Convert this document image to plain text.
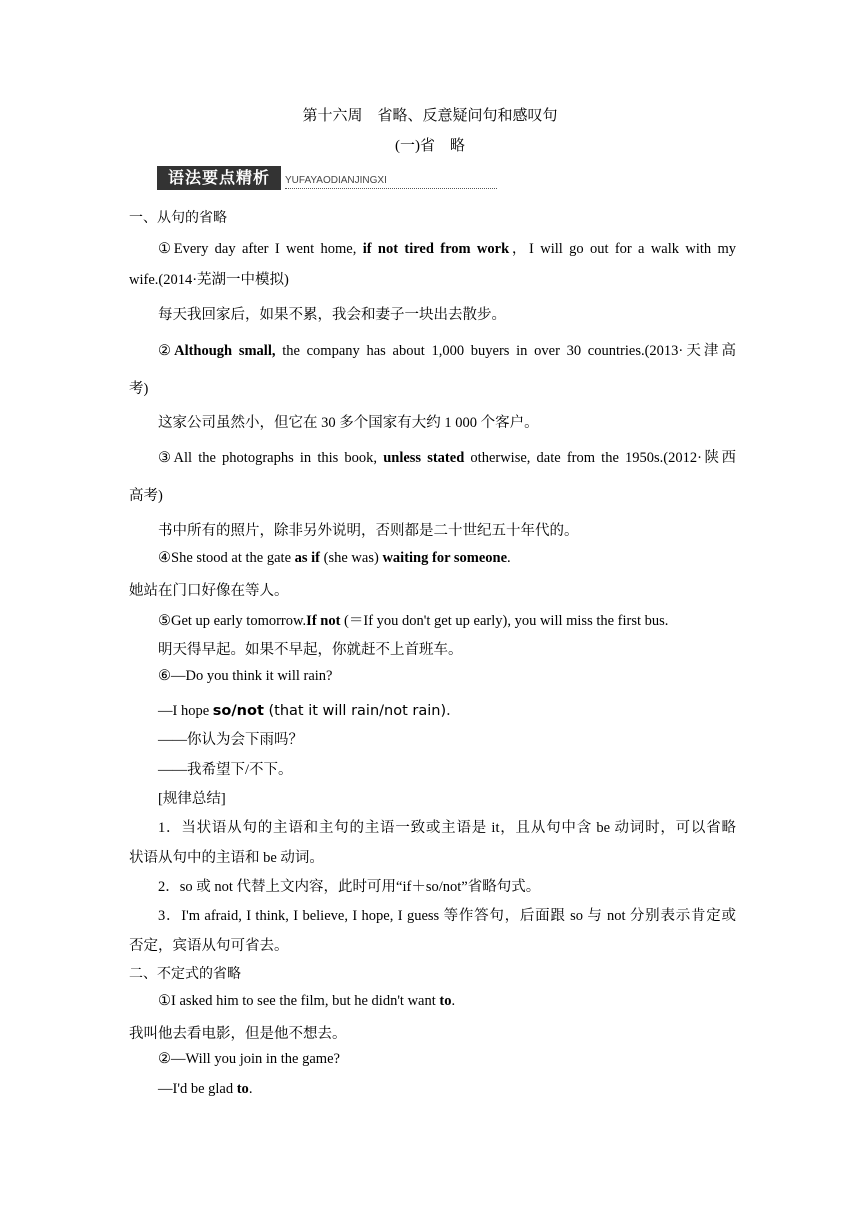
第十六周　省略、反意疑问句和感叹句
(一)省　略
语法要点精析	YUFAYAODIANJINGXI
一、从句的省略
①Every day after I went home, if not tired from work，I will go out for a walk with my
wife.(2014·芜湖一中模拟)
每天我回家后，如果不累，我会和妻子一块出去散步。
②Although small, the company has about 1,000 buyers in over 30 countries.(2013·天津高
考)
这家公司虽然小，但它在 30 多个国家有大约 1 000 个客户。
③All the photographs in this book, unless stated otherwise, date from the 1950s.(2012·陕西
高考)
书中所有的照片，除非另外说明，否则都是二十世纪五十年代的。
④She stood at the gate as if (she was) waiting for someone.
她站在门口好像在等人。
⑤Get up early tomorrow.If not (＝If you don't get up early), you will miss the first bus.
明天得早起。如果不早起，你就赶不上首班车。
⑥—Do you think it will rain?
—I hope so/not (that it will rain/not rain)．
——你认为会下雨吗？
——我希望下/不下。
[规律总结]
1．当状语从句的主语和主句的主语一致或主语是 it，且从句中含 be 动词时，可以省略
状语从句中的主语和 be 动词。
2．so 或 not 代替上文内容，此时可用“if＋so/not”省略句式。
3．I'm afraid, I think, I believe, I hope, I guess 等作答句，后面跟 so 与 not 分别表示肯定或
否定，宾语从句可省去。
二、不定式的省略
①I asked him to see the film, but he didn't want to.
我叫他去看电影，但是他不想去。
②—Will you join in the game?
—I'd be glad to.
